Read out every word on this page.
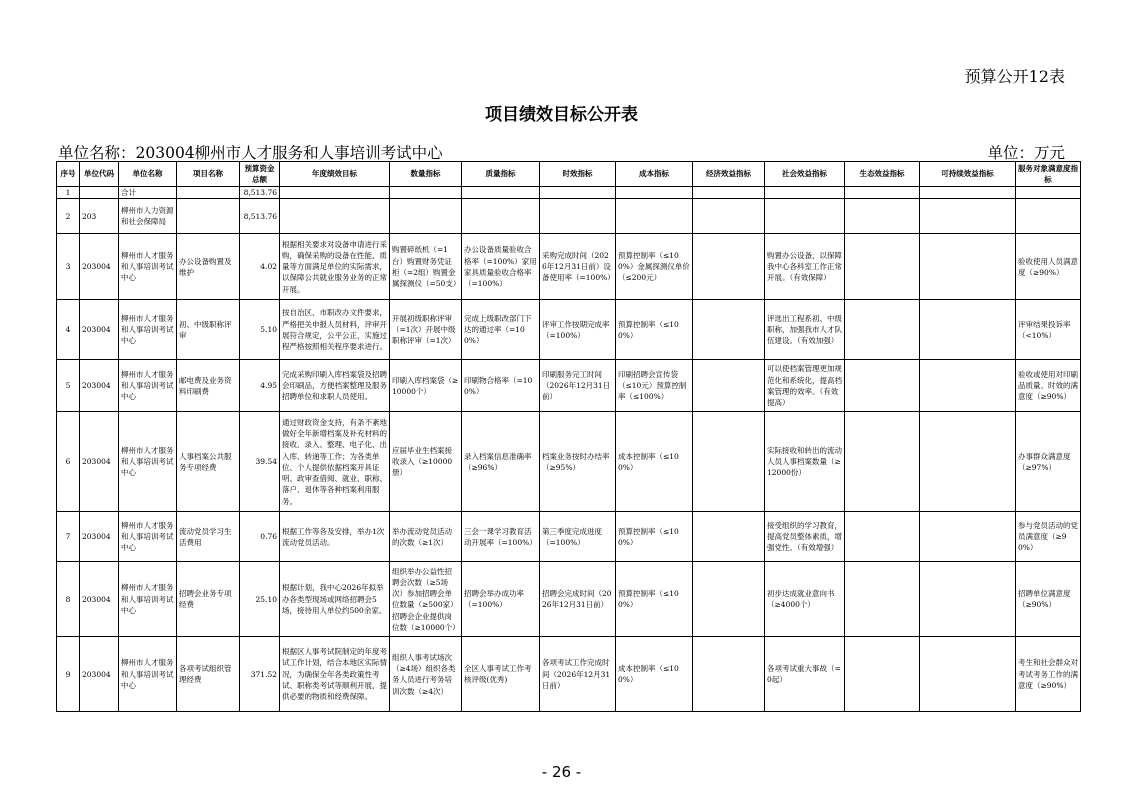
预算公开12表
项目绩效目标公开表
单位名称：203004柳州市人才服务和人事培训考试中心	单位：万元
序号	单位代码	单位名称	项目名称	预算资金总额	年度绩效目标	数量指标	质量指标	时效指标	成本指标	经济效益指标	社会效益指标	生态效益指标	可持续效益指标	服务对象满意度指标
1		合计		8,513.76										
2	203	柳州市人力资源和社会保障局		8,513.76										
3	203004	柳州市人才服务和人事培训考试中心	办公设备购置及维护	4.02	根据相关要求对设备申请进行采购，确保采购的设备在性能、质量等方面满足单位的实际需求，以保障公共就业服务业务的正常开展。	购置碎纸机（=1台）购置财务凭证柜（=2组）购置金属探测仪（=50支）	办公设备质量验收合格率（=100%）家用家具质量验收合格率（=100%）	采购完成时间（2026年12月31日前）设备使用率（=100%）	预算控制率（≤100%）金属探测仪单价（≤200元）		购置办公设备，以保障我中心各科室工作正常开展。（有效保障）			验收使用人员满意度（≥90%）
4	203004	柳州市人才服务和人事培训考试中心	初、中级职称评审	5.10	按自治区、市职改办文件要求，严格把关申报人员材料，评审开展符合规定，公平公正，实施过程严格按照相关程序要求进行。	开展初级职称评审（=1次）开展中级职称评审（=1次）	完成上级职改部门下达的通过率（=100%）	评审工作按期完成率（=100%）	预算控制率（≤100%）		评选出工程系初、中级职称，加强我市人才队伍建设。（有效加强）			评审结果投诉率（<10%）
5	203004	柳州市人才服务和人事培训考试中心	邮电费及业务资料印刷费	4.95	完成采购印刷入库档案袋及招聘会印刷品，方便档案整理及服务招聘单位和求职人员使用。	印刷入库档案袋（≥10000个）	印刷物合格率（=100%）	印刷服务完工时间（2026年12月31日前）	印刷招聘会宣传袋（≤10元）预算控制率（≤100%）		可以使档案管理更加规范化和系统化，提高档案管理的效率。（有效提高）			验收或使用对印刷品质量、时效的满意度（≥90%）
6	203004	柳州市人才服务和人事培训考试中心	人事档案公共服务专项经费	39.54	通过财政资金支持，有条不紊地做好全年新增档案及补充材料的接收、录入、整理、电子化、出入库、转递等工作；为各类单位、个人提供依据档案开具证明、政审查借阅、就业、职称、落户、退休等各种档案利用服务。	应届毕业生档案接收录入（≥10000册）	录入档案信息准确率（≥96%）	档案业务按时办结率（≥95%）	成本控制率（≤100%）		实际接收和转出的流动人员人事档案数量（≥12000份）			办事群众满意度（≥97%）
7	203004	柳州市人才服务和人事培训考试中心	流动党员学习生活费用	0.76	根据工作等各及安排，举办1次流动党员活动。	举办流动党员活动的次数（≥1次）	三会一课学习教育活动开展率（=100%）	第三季度完成进度（=100%）	预算控制率（≤100%）		接受组织的学习教育，提高党员整体素质，增强党性。（有效增强）			参与党员活动的党员满意度（≥90%）
8	203004	柳州市人才服务和人事培训考试中心	招聘会业务专项经费	25.10	根据计划，我中心2026年拟举办各类型现场或网络招聘会5场，接待用人单位约500余家。	组织举办公益性招聘会次数（≥5场次）参加招聘会单位数量（≥500家）招聘会企业提供岗位数（≥10000个）	招聘会举办成功率（=100%）	招聘会完成时间（2026年12月31日前）	预算控制率（≤100%）		初步达成就业意向书（≥4000个）			招聘单位满意度（≥90%）
9	203004	柳州市人才服务和人事培训考试中心	各项考试组织管理经费	371.52	根据区人事考试院制定的年度考试工作计划，结合本地区实际情况，为确保全年各类政策性考试、职称类考试等顺利开展，提供必要的物质和经费保障。	组织人事考试场次（≥4场）组织各类务人员进行考务培训次数（≥4次）	全区人事考试工作考核评级(优秀)	各项考试工作完成时间（2026年12月31日前）	成本控制率（≤100%）		各项考试重大事故（=0起）			考生和社会群众对考试考务工作的满意度（≥90%）
- 26 -
